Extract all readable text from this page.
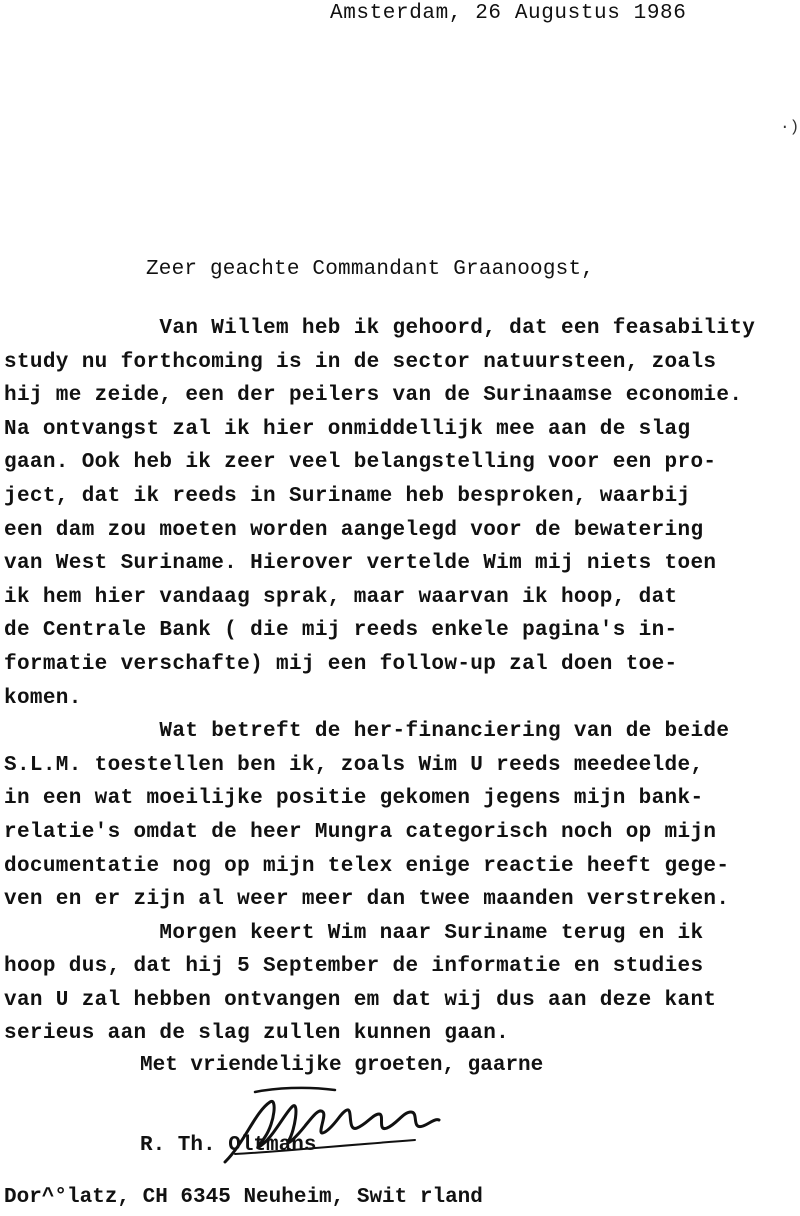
Amsterdam, 26 Augustus 1986
·)
Zeer geachte Commandant Graanoogst,
Van Willem heb ik gehoord, dat een feasability
study nu forthcoming is in de sector natuursteen, zoals
hij me zeide, een der peilers van de Surinaamse economie.
Na ontvangst zal ik hier onmiddellijk mee aan de slag
gaan. Ook heb ik zeer veel belangstelling voor een pro-
ject, dat ik reeds in Suriname heb besproken, waarbij
een dam zou moeten worden aangelegd voor de bewatering
van West Suriname. Hierover vertelde Wim mij niets toen
ik hem hier vandaag sprak, maar waarvan ik hoop, dat
de Centrale Bank ( die mij reeds enkele pagina's in-
formatie verschafte) mij een follow-up zal doen toe-
komen.
Wat betreft de her-financiering van de beide
S.L.M. toestellen ben ik, zoals Wim U reeds meedeelde,
in een wat moeilijke positie gekomen jegens mijn bank-
relatie's omdat de heer Mungra categorisch noch op mijn
documentatie nog op mijn telex enige reactie heeft gege-
ven en er zijn al weer meer dan twee maanden verstreken.
Morgen keert Wim naar Suriname terug en ik
hoop dus, dat hij 5 September de informatie en studies
van U zal hebben ontvangen em dat wij dus aan deze kant
serieus aan de slag zullen kunnen gaan.
Met vriendelijke groeten, gaarne
R. Th. Oltmans
Dor^°latz, CH 6345 Neuheim, Swit rland
